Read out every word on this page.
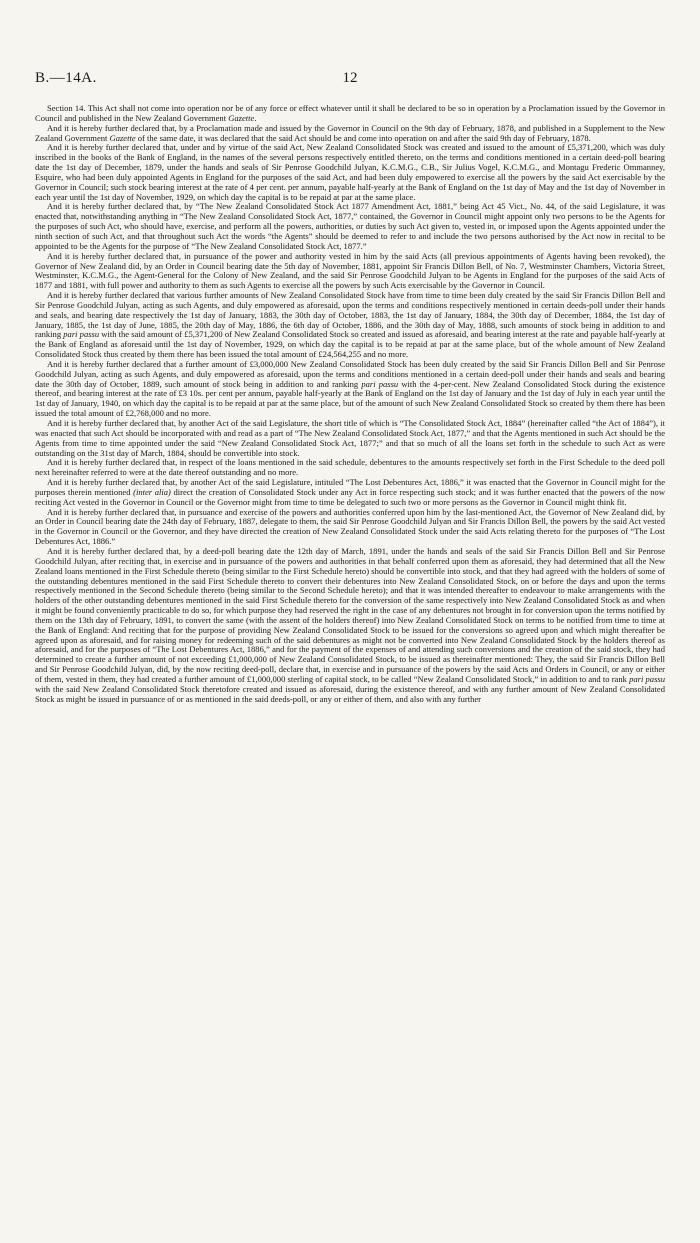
B.—14A.	12

Section 14. This Act shall not come into operation nor be of any force or effect whatever until it shall be declared to be so in operation by a Proclamation issued by the Governor in Council and published in the New Zealand Government Gazette.

And it is hereby further declared that, by a Proclamation made and issued by the Governor in Council on the 9th day of February, 1878, and published in a Supplement to the New Zealand Government Gazette of the same date, it was declared that the said Act should be and come into operation on and after the said 9th day of February, 1878.

And it is hereby further declared that, under and by virtue of the said Act, New Zealand Consolidated Stock was created and issued to the amount of £5,371,200, which was duly inscribed in the books of the Bank of England, in the names of the several persons respectively entitled thereto, on the terms and conditions mentioned in a certain deed-poll bearing date the 1st day of December, 1879, under the hands and seals of Sir Penrose Goodchild Julyan, K.C.M.G., C.B., Sir Julius Vogel, K.C.M.G., and Montagu Frederic Ommanney, Esquire, who had been duly appointed Agents in England for the purposes of the said Act, and had been duly empowered to exercise all the powers by the said Act exercisable by the Governor in Council; such stock bearing interest at the rate of 4 per cent. per annum, payable half-yearly at the Bank of England on the 1st day of May and the 1st day of November in each year until the 1st day of November, 1929, on which day the capital is to be repaid at par at the same place.

And it is hereby further declared that, by “The New Zealand Consolidated Stock Act 1877 Amendment Act, 1881,” being Act 45 Vict., No. 44, of the said Legislature, it was enacted that, notwithstanding anything in “The New Zealand Consolidated Stock Act, 1877,” contained, the Governor in Council might appoint only two persons to be the Agents for the purposes of such Act, who should have, exercise, and perform all the powers, authorities, or duties by such Act given to, vested in, or imposed upon the Agents appointed under the ninth section of such Act, and that throughout such Act the words “the Agents” should be deemed to refer to and include the two persons authorised by the Act now in recital to be appointed to be the Agents for the purpose of “The New Zealand Consolidated Stock Act, 1877.”

And it is hereby further declared that, in pursuance of the power and authority vested in him by the said Acts (all previous appointments of Agents having been revoked), the Governor of New Zealand did, by an Order in Council bearing date the 5th day of November, 1881, appoint Sir Francis Dillon Bell, of No. 7, Westminster Chambers, Victoria Street, Westminster, K.C.M.G., the Agent-General for the Colony of New Zealand, and the said Sir Penrose Goodchild Julyan to be Agents in England for the purposes of the said Acts of 1877 and 1881, with full power and authority to them as such Agents to exercise all the powers by such Acts exercisable by the Governor in Council.

And it is hereby further declared that various further amounts of New Zealand Consolidated Stock have from time to time been duly created by the said Sir Francis Dillon Bell and Sir Penrose Goodchild Julyan, acting as such Agents, and duly empowered as aforesaid, upon the terms and conditions respectively mentioned in certain deeds-poll under their hands and seals, and bearing date respectively the 1st day of January, 1883, the 30th day of October, 1883, the 1st day of January, 1884, the 30th day of December, 1884, the 1st day of January, 1885, the 1st day of June, 1885, the 20th day of May, 1886, the 6th day of October, 1886, and the 30th day of May, 1888, such amounts of stock being in addition to and ranking pari passu with the said amount of £5,371,200 of New Zealand Consolidated Stock so created and issued as aforesaid, and bearing interest at the rate and payable half-yearly at the Bank of England as aforesaid until the 1st day of November, 1929, on which day the capital is to be repaid at par at the same place, but of the whole amount of New Zealand Consolidated Stock thus created by them there has been issued the total amount of £24,564,255 and no more.

And it is hereby further declared that a further amount of £3,000,000 New Zealand Consolidated Stock has been duly created by the said Sir Francis Dillon Bell and Sir Penrose Goodchild Julyan, acting as such Agents, and duly empowered as aforesaid, upon the terms and conditions mentioned in a certain deed-poll under their hands and seals and bearing date the 30th day of October, 1889, such amount of stock being in addition to and ranking pari passu with the 4-per-cent. New Zealand Consolidated Stock during the existence thereof, and bearing interest at the rate of £3 10s. per cent per annum, payable half-yearly at the Bank of England on the 1st day of January and the 1st day of July in each year until the 1st day of January, 1940, on which day the capital is to be repaid at par at the same place, but of the amount of such New Zealand Consolidated Stock so created by them there has been issued the total amount of £2,768,000 and no more.

And it is hereby further declared that, by another Act of the said Legislature, the short title of which is “The Consolidated Stock Act, 1884” (hereinafter called “the Act of 1884”), it was enacted that such Act should be incorporated with and read as a part of “The New Zealand Consolidated Stock Act, 1877,” and that the Agents mentioned in such Act should be the Agents from time to time appointed under the said “New Zealand Consolidated Stock Act, 1877;” and that so much of all the loans set forth in the schedule to such Act as were outstanding on the 31st day of March, 1884, should be convertible into stock.

And it is hereby further declared that, in respect of the loans mentioned in the said schedule, debentures to the amounts respectively set forth in the First Schedule to the deed poll next hereinafter referred to were at the date thereof outstanding and no more.

And it is hereby further declared that, by another Act of the said Legislature, intituled “The Lost Debentures Act, 1886,” it was enacted that the Governor in Council might for the purposes therein mentioned (inter alia) direct the creation of Consolidated Stock under any Act in force respecting such stock; and it was further enacted that the powers of the now reciting Act vested in the Governor in Council or the Governor might from time to time be delegated to such two or more persons as the Governor in Council might think fit.

And it is hereby further declared that, in pursuance and exercise of the powers and authorities conferred upon him by the last-mentioned Act, the Governor of New Zealand did, by an Order in Council bearing date the 24th day of February, 1887, delegate to them, the said Sir Penrose Goodchild Julyan and Sir Francis Dillon Bell, the powers by the said Act vested in the Governor in Council or the Governor, and they have directed the creation of New Zealand Consolidated Stock under the said Acts relating thereto for the purposes of “The Lost Debentures Act, 1886.”

And it is hereby further declared that, by a deed-poll bearing date the 12th day of March, 1891, under the hands and seals of the said Sir Francis Dillon Bell and Sir Penrose Goodchild Julyan, after reciting that, in exercise and in pursuance of the powers and authorities in that behalf conferred upon them as aforesaid, they had determined that all the New Zealand loans mentioned in the First Schedule thereto (being similar to the First Schedule hereto) should be convertible into stock, and that they had agreed with the holders of some of the outstanding debentures mentioned in the said First Schedule thereto to convert their debentures into New Zealand Consolidated Stock, on or before the days and upon the terms respectively mentioned in the Second Schedule thereto (being similar to the Second Schedule hereto); and that it was intended thereafter to endeavour to make arrangements with the holders of the other outstanding debentures mentioned in the said First Schedule thereto for the conversion of the same respectively into New Zealand Consolidated Stock as and when it might be found conveniently practicable to do so, for which purpose they had reserved the right in the case of any debentures not brought in for conversion upon the terms notified by them on the 13th day of February, 1891, to convert the same (with the assent of the holders thereof) into New Zealand Consolidated Stock on terms to be notified from time to time at the Bank of England: And reciting that for the purpose of providing New Zealand Consolidated Stock to be issued for the conversions so agreed upon and which might thereafter be agreed upon as aforesaid, and for raising money for redeeming such of the said debentures as might not be converted into New Zealand Consolidated Stock by the holders thereof as aforesaid, and for the purposes of “The Lost Debentures Act, 1886,” and for the payment of the expenses of and attending such conversions and the creation of the said stock, they had determined to create a further amount of not exceeding £1,000,000 of New Zealand Consolidated Stock, to be issued as thereinafter mentioned: They, the said Sir Francis Dillon Bell and Sir Penrose Goodchild Julyan, did, by the now reciting deed-poll, declare that, in exercise and in pursuance of the powers by the said Acts and Orders in Council, or any or either of them, vested in them, they had created a further amount of £1,000,000 sterling of capital stock, to be called “New Zealand Consolidated Stock,” in addition to and to rank pari passu with the said New Zealand Consolidated Stock theretofore created and issued as aforesaid, during the existence thereof, and with any further amount of New Zealand Consolidated Stock as might be issued in pursuance of or as mentioned in the said deeds-poll, or any or either of them, and also with any further
